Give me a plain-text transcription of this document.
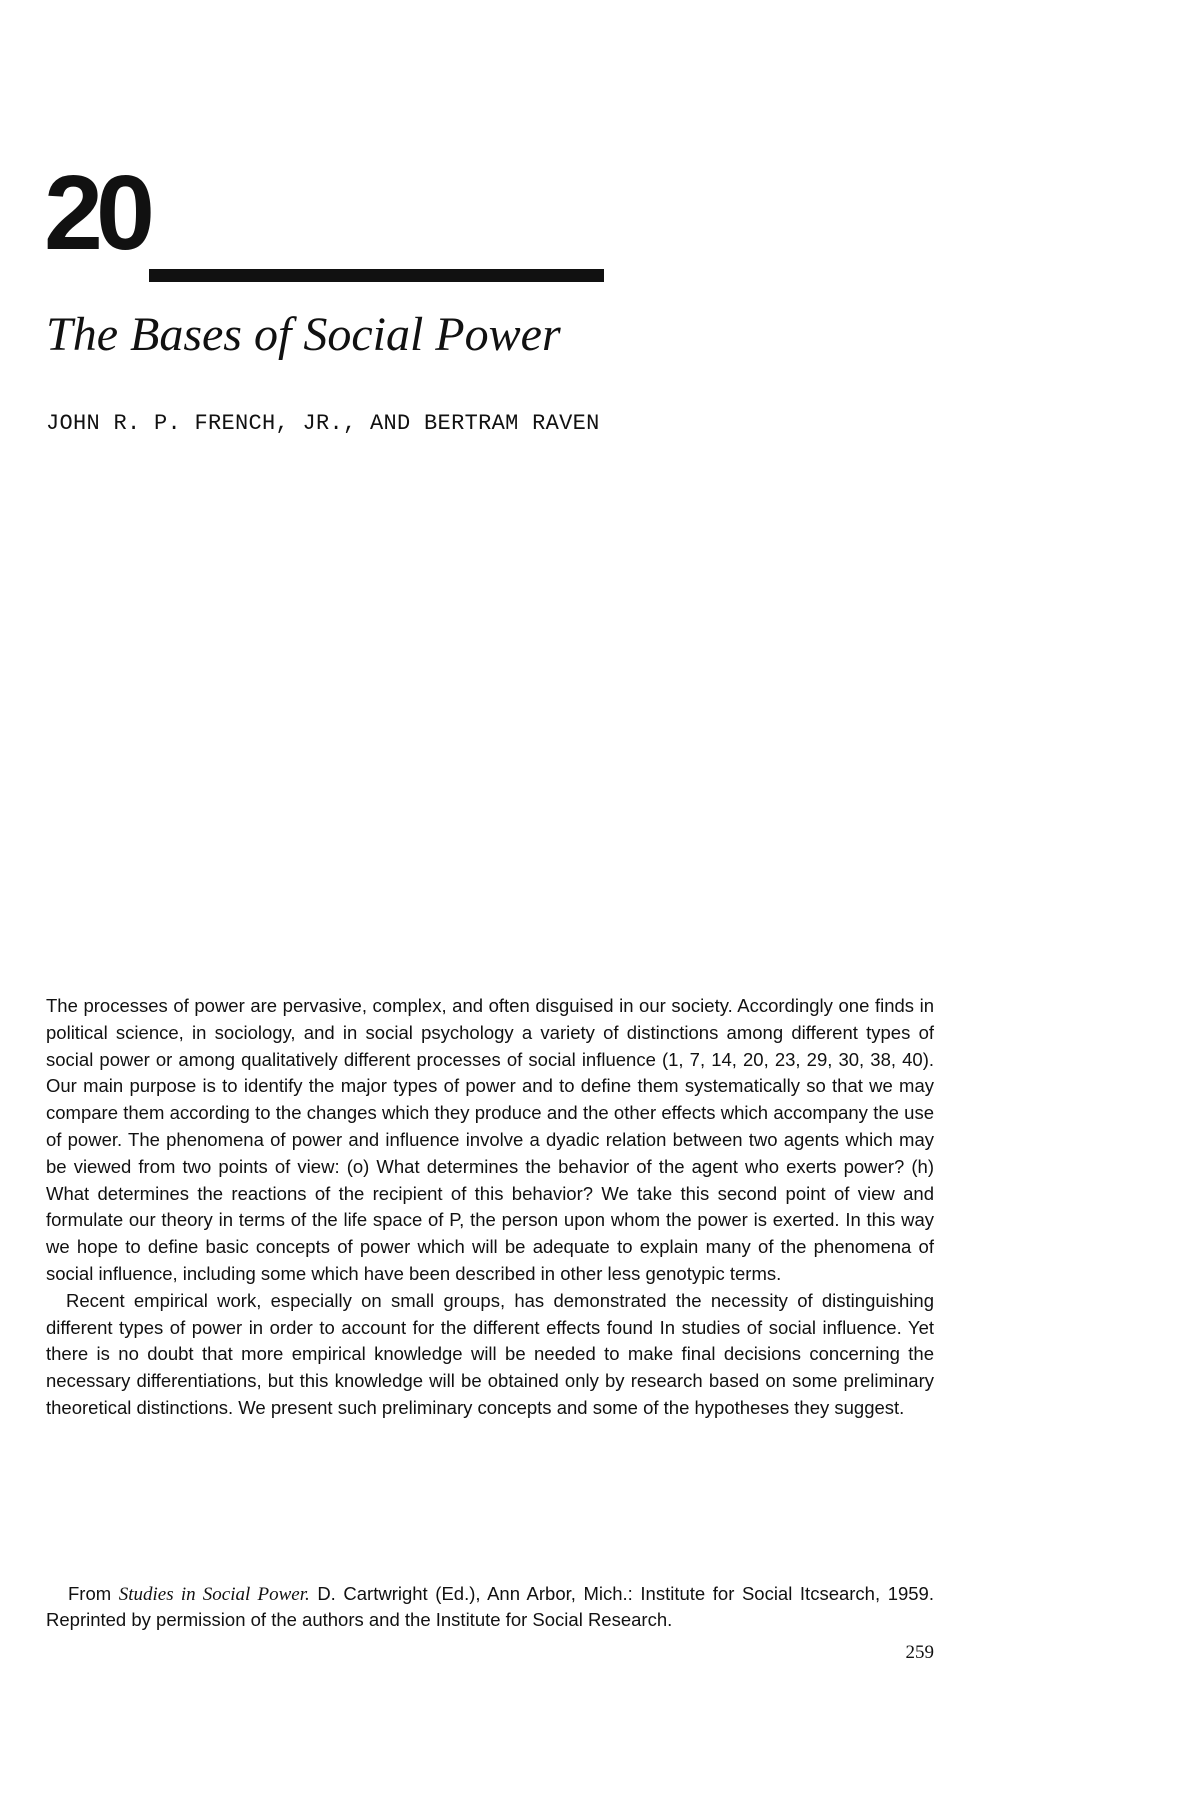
20
The Bases of Social Power
JOHN R. P. FRENCH, JR., AND BERTRAM RAVEN

The processes of power are pervasive, complex, and often disguised in our society. Accordingly one finds in political science, in sociology, and in social psychology a variety of distinctions among different types of social power or among qualitatively different processes of social influence (1, 7, 14, 20, 23, 29, 30, 38, 40). Our main purpose is to identify the major types of power and to define them systematically so that we may compare them according to the changes which they produce and the other effects which accompany the use of power. The phenomena of power and influence involve a dyadic relation between two agents which may be viewed from two points of view: (o) What determines the behavior of the agent who exerts power? (h) What determines the reactions of the recipient of this behavior? We take this second point of view and formulate our theory in terms of the life space of P, the person upon whom the power is exerted. In this way we hope to define basic concepts of power which will be adequate to explain many of the phenomena of social influence, including some which have been described in other less genotypic terms.

Recent empirical work, especially on small groups, has demonstrated the necessity of distinguishing different types of power in order to account for the different effects found In studies of social influence. Yet there is no doubt that more empirical knowledge will be needed to make final decisions concerning the necessary differentiations, but this knowledge will be obtained only by research based on some preliminary theoretical distinctions. We present such preliminary concepts and some of the hypotheses they suggest.

From Studies in Social Power. D. Cartwright (Ed.), Ann Arbor, Mich.: Institute for Social Itcsearch, 1959. Reprinted by permission of the authors and the Institute for Social Research.

259
